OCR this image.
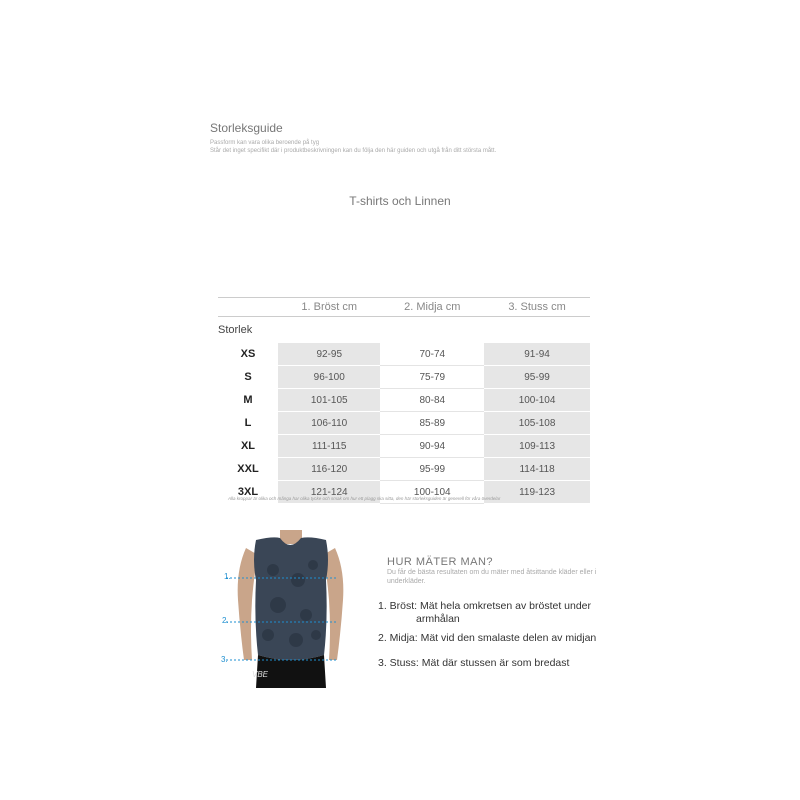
Storleksguide
Passform kan vara olika beroende på tyg
Står det inget specifikt där i produktbeskrivningen kan du följa den här guiden och utgå från ditt största mått.
T-shirts och Linnen
	1. Bröst cm	2. Midja cm	3. Stuss cm
Storlek			
XS	92-95	70-74	91-94
S	96-100	75-79	95-99
M	101-105	80-84	100-104
L	106-110	85-89	105-108
XL	111-115	90-94	109-113
XXL	116-120	95-99	114-118
3XL	121-124	100-104	119-123
Alla kroppar är olika och många har olika tycke och smak om hur ett plagg ska sitta, den här storleksguiden är generell för våra överdelar
1.
2.
3.
VBE
HUR MÄTER MAN?
Du får de bästa resultaten om du mäter med åtsittande kläder eller i underkläder.
1. Bröst: Mät hela omkretsen av bröstet under
armhålan
2. Midja: Mät vid den smalaste delen av midjan
3. Stuss: Mät där stussen är som bredast
